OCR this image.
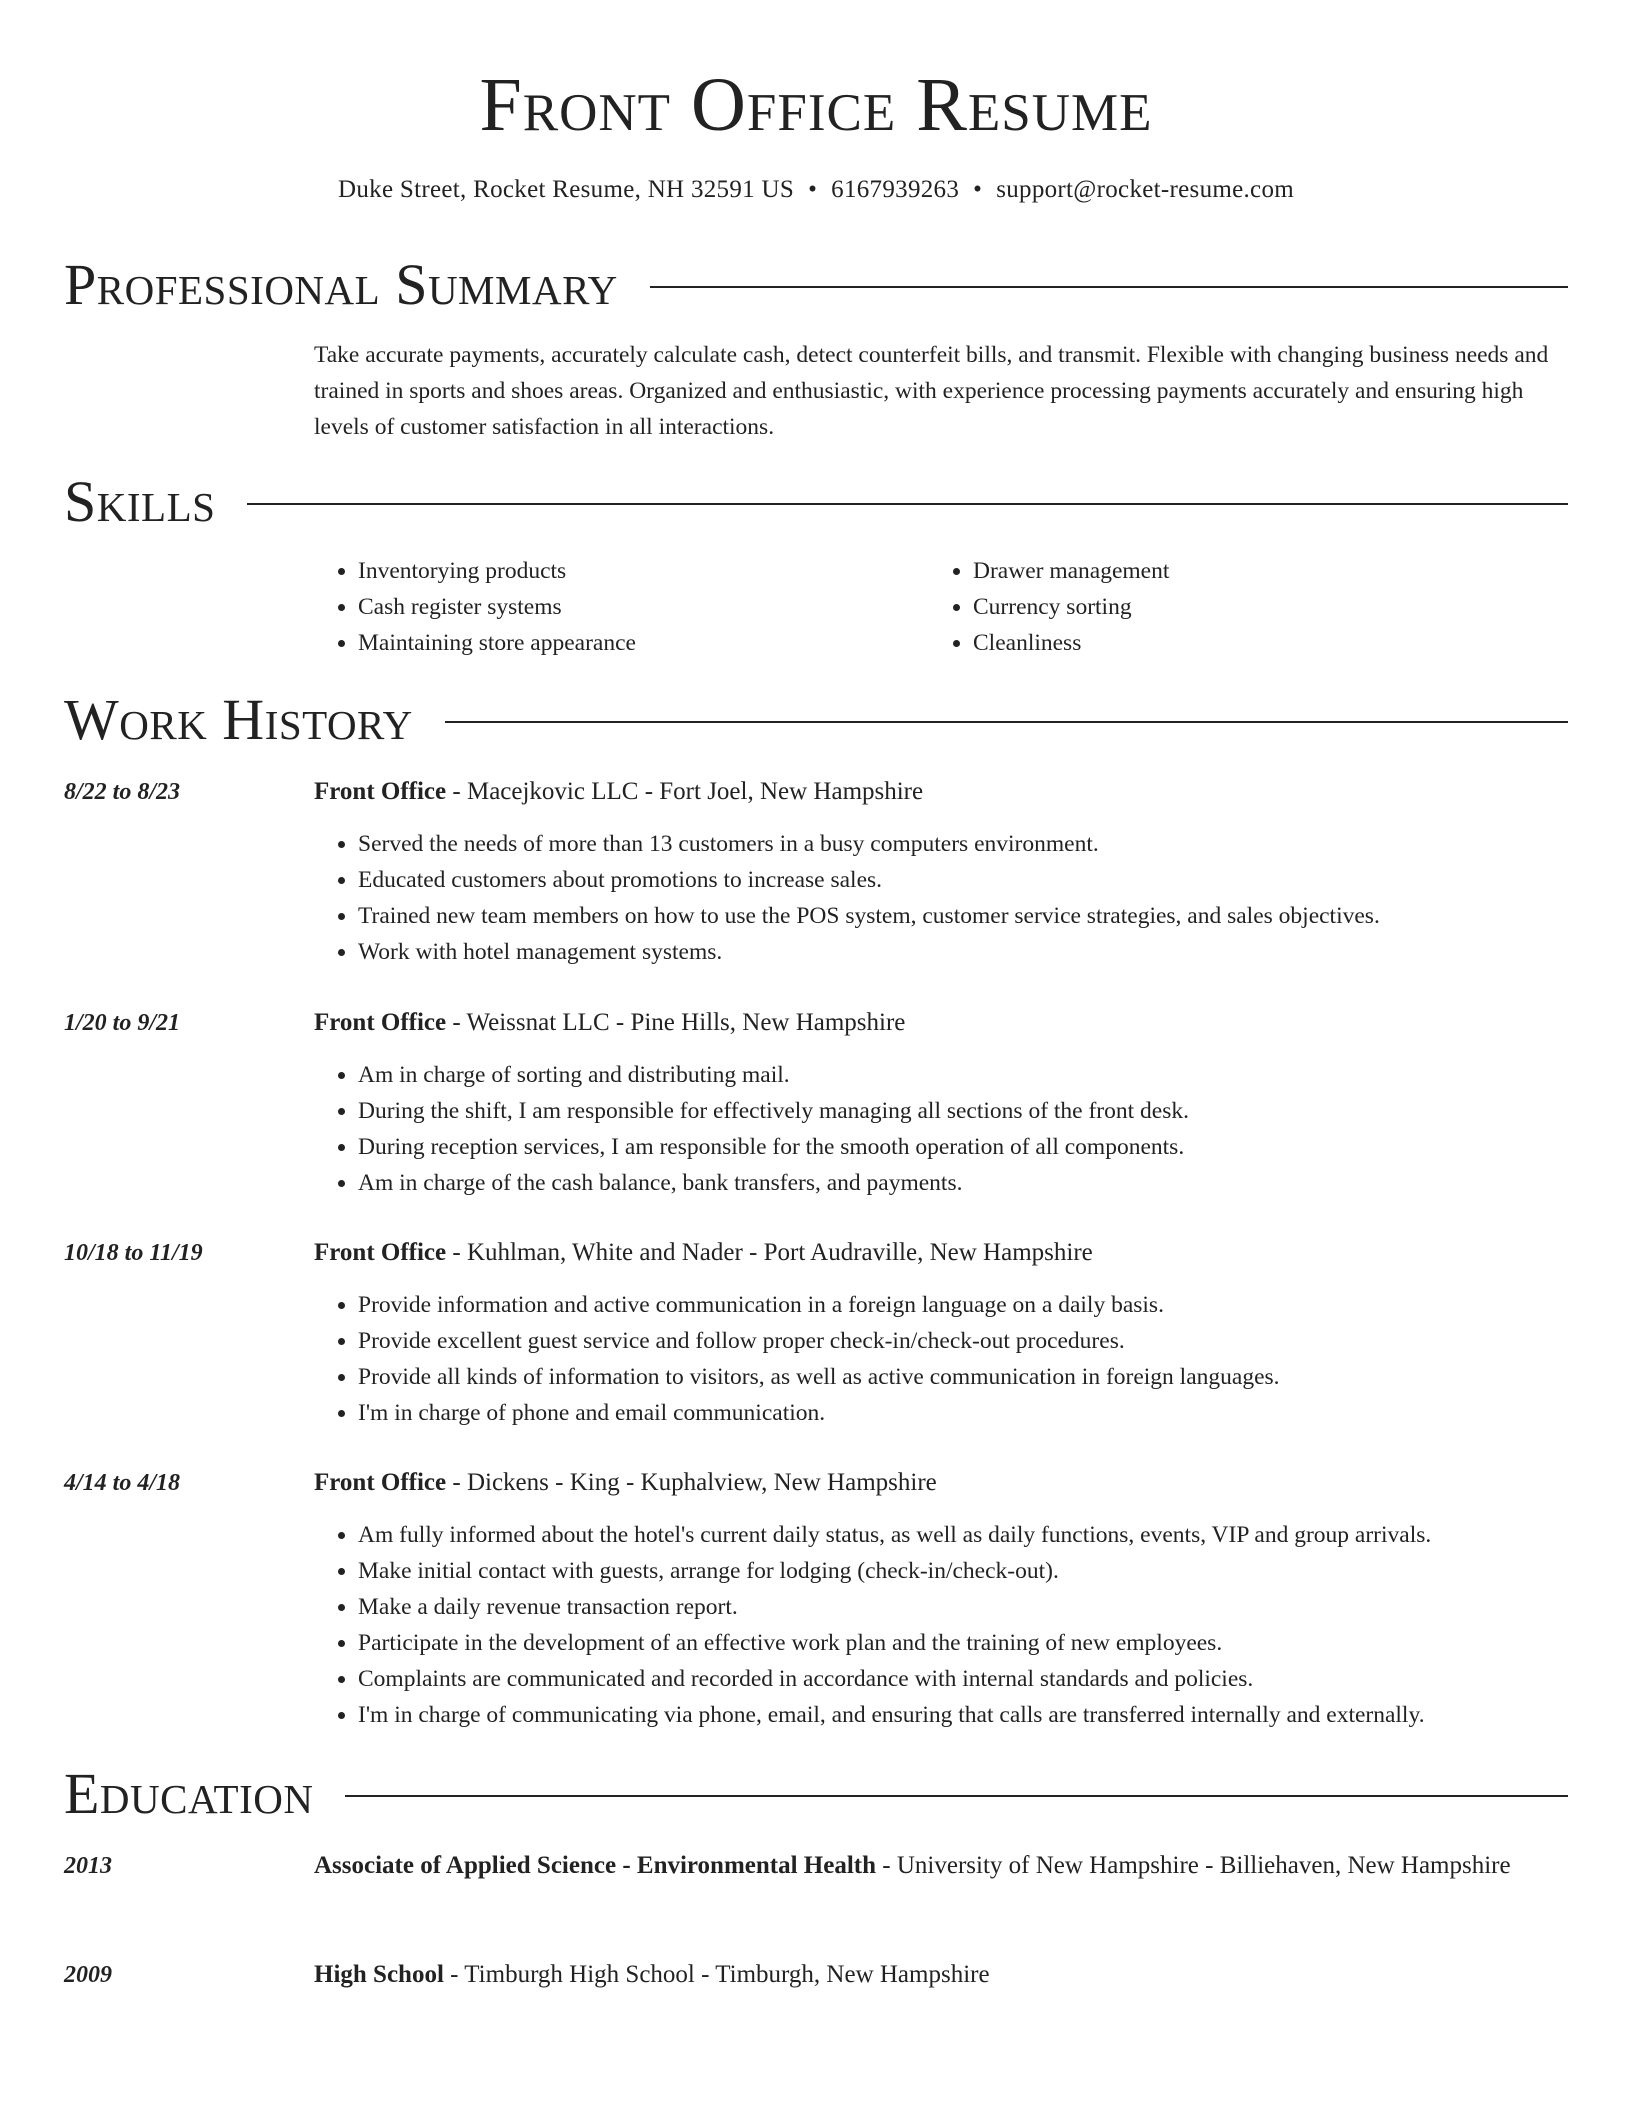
Front Office Resume
Duke Street, Rocket Resume, NH 32591 US • 6167939263 • support@rocket-resume.com
Professional Summary
Take accurate payments, accurately calculate cash, detect counterfeit bills, and transmit. Flexible with changing business needs and trained in sports and shoes areas. Organized and enthusiastic, with experience processing payments accurately and ensuring high levels of customer satisfaction in all interactions.
Skills
• Inventorying products
• Cash register systems
• Maintaining store appearance
• Drawer management
• Currency sorting
• Cleanliness
Work History
8/22 to 8/23	Front Office - Macejkovic LLC - Fort Joel, New Hampshire
• Served the needs of more than 13 customers in a busy computers environment.
• Educated customers about promotions to increase sales.
• Trained new team members on how to use the POS system, customer service strategies, and sales objectives.
• Work with hotel management systems.
1/20 to 9/21	Front Office - Weissnat LLC - Pine Hills, New Hampshire
• Am in charge of sorting and distributing mail.
• During the shift, I am responsible for effectively managing all sections of the front desk.
• During reception services, I am responsible for the smooth operation of all components.
• Am in charge of the cash balance, bank transfers, and payments.
10/18 to 11/19	Front Office - Kuhlman, White and Nader - Port Audraville, New Hampshire
• Provide information and active communication in a foreign language on a daily basis.
• Provide excellent guest service and follow proper check-in/check-out procedures.
• Provide all kinds of information to visitors, as well as active communication in foreign languages.
• I'm in charge of phone and email communication.
4/14 to 4/18	Front Office - Dickens - King - Kuphalview, New Hampshire
• Am fully informed about the hotel's current daily status, as well as daily functions, events, VIP and group arrivals.
• Make initial contact with guests, arrange for lodging (check-in/check-out).
• Make a daily revenue transaction report.
• Participate in the development of an effective work plan and the training of new employees.
• Complaints are communicated and recorded in accordance with internal standards and policies.
• I'm in charge of communicating via phone, email, and ensuring that calls are transferred internally and externally.
Education
2013	Associate of Applied Science - Environmental Health - University of New Hampshire - Billiehaven, New Hampshire
2009	High School - Timburgh High School - Timburgh, New Hampshire
